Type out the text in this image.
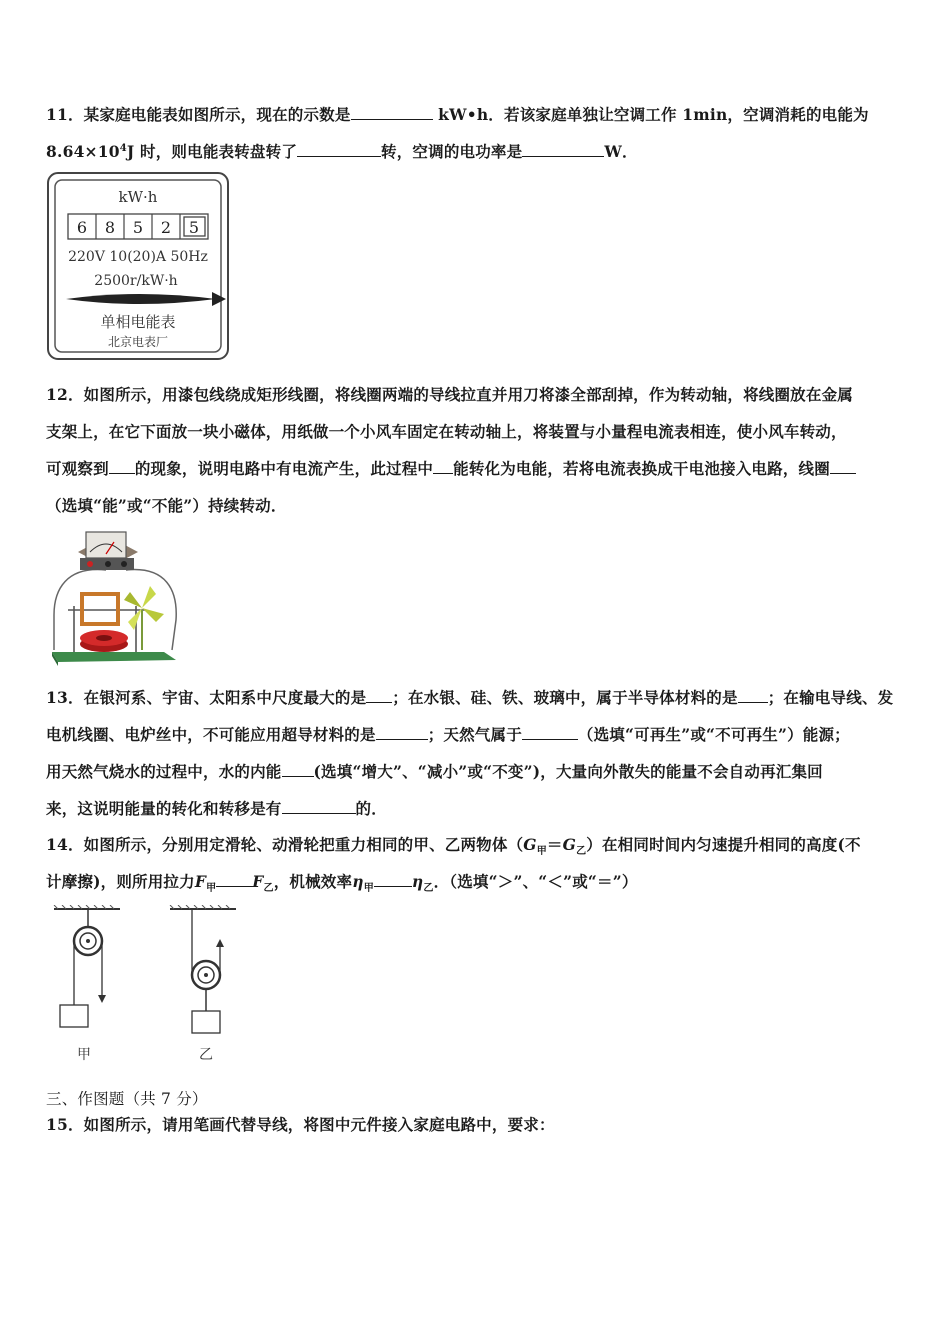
11．某家庭电能表如图所示，现在的示数是	kW•h．若该家庭单独让空调工作 1min，空调消耗的电能为
$8.64\times 10^4J$ 时，则电能表转盘转了	转，空调的电功率是	W．
kW·h
6 8 5 2 5
220V 10(20)A 50Hz
2500r/kW·h
单相电能表
北京电表厂
12．如图所示，用漆包线绕成矩形线圈，将线圈两端的导线拉直并用刀将漆全部刮掉，作为转动轴，将线圈放在金属
支架上，在它下面放一块小磁体，用纸做一个小风车固定在转动轴上，将装置与小量程电流表相连，使小风车转动，
可观察到 的现象，说明电路中有电流产生，此过程中 能转化为电能，若将电流表换成干电池接入电路，线圈
（选填“能”或“不能”）持续转动．
13．在银河系、宇宙、太阳系中尺度最大的是 ；在水银、硅、铁、玻璃中，属于半导体材料的是 ；在输电导线、发
电机线圈、电炉丝中，不可能应用超导材料的是	；天然气属于	（选填“可再生”或“不可再生”）能源；
用天然气烧水的过程中，水的内能 (选填“增大”、“减小”或“不变”)，大量向外散失的能量不会自动再汇集回
来，这说明能量的转化和转移是有	的．
14．如图所示，分别用定滑轮、动滑轮把重力相同的甲、乙两物体$(G_甲=G_乙)$在相同时间内匀速提升相同的高度(不
计摩擦)，则所用拉力$F_甲$ $F_乙$，机械效率$\eta_甲$ $\eta_乙$．（选填“＞”、“＜”或“＝”）
甲	乙
三、作图题（共 7 分）
15．如图所示，请用笔画代替导线，将图中元件接入家庭电路中，要求：
